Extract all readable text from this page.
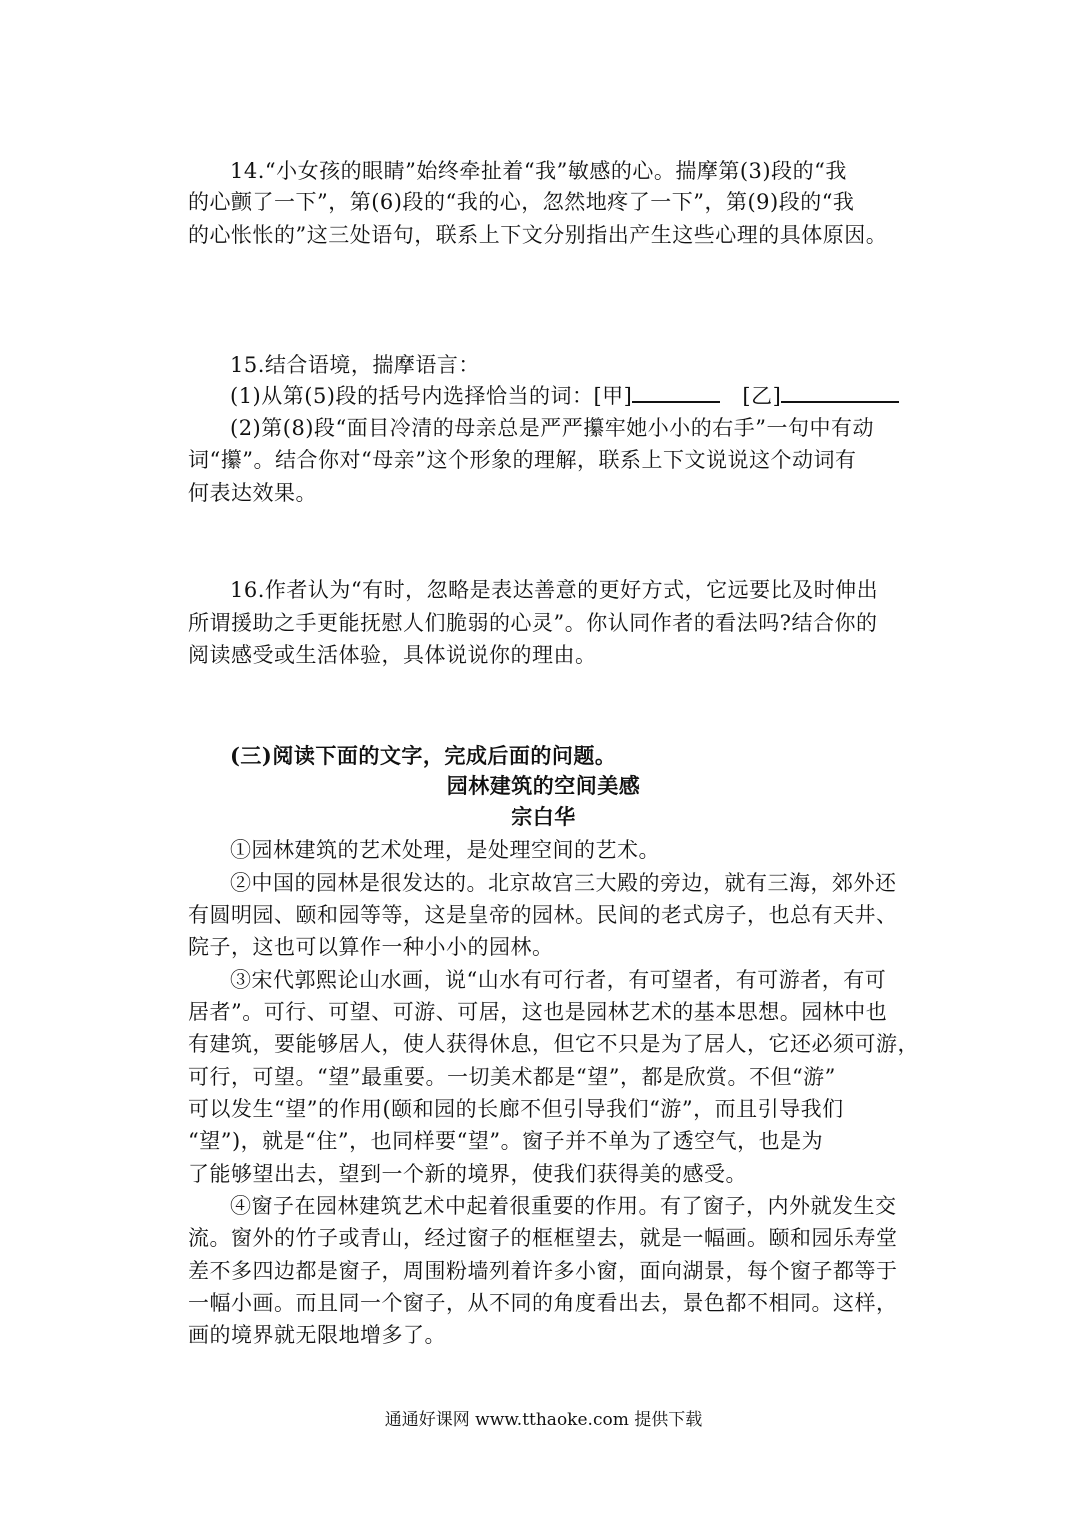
14.“小女孩的眼睛”始终牵扯着“我”敏感的心。揣摩第(3)段的“我
的心颤了一下”，第(6)段的“我的心，忽然地疼了一下”，第(9)段的“我
的心怅怅的”这三处语句，联系上下文分别指出产生这些心理的具体原因。
15.结合语境，揣摩语言：
(1)从第(5)段的括号内选择恰当的词：[甲]	[乙]
(2)第(8)段“面目冷清的母亲总是严严攥牢她小小的右手”一句中有动
词“攥”。结合你对“母亲”这个形象的理解，联系上下文说说这个动词有
何表达效果。
16.作者认为“有时，忽略是表达善意的更好方式，它远要比及时伸出
所谓援助之手更能抚慰人们脆弱的心灵”。你认同作者的看法吗?结合你的
阅读感受或生活体验，具体说说你的理由。
(三)阅读下面的文字，完成后面的问题。
园林建筑的空间美感
宗白华
①园林建筑的艺术处理，是处理空间的艺术。
②中国的园林是很发达的。北京故宫三大殿的旁边，就有三海，郊外还
有圆明园、颐和园等等，这是皇帝的园林。民间的老式房子，也总有天井、
院子，这也可以算作一种小小的园林。
③宋代郭熙论山水画，说“山水有可行者，有可望者，有可游者，有可
居者”。可行、可望、可游、可居，这也是园林艺术的基本思想。园林中也
有建筑，要能够居人，使人获得休息，但它不只是为了居人，它还必须可游，
可行，可望。“望”最重要。一切美术都是“望”，都是欣赏。不但“游”
可以发生“望”的作用(颐和园的长廊不但引导我们“游”，而且引导我们
“望”)，就是“住”，也同样要“望”。窗子并不单为了透空气，也是为
了能够望出去，望到一个新的境界，使我们获得美的感受。
④窗子在园林建筑艺术中起着很重要的作用。有了窗子，内外就发生交
流。窗外的竹子或青山，经过窗子的框框望去，就是一幅画。颐和园乐寿堂
差不多四边都是窗子，周围粉墙列着许多小窗，面向湖景，每个窗子都等于
一幅小画。而且同一个窗子，从不同的角度看出去，景色都不相同。这样，
画的境界就无限地增多了。
通通好课网 www.tthaoke.com 提供下载
